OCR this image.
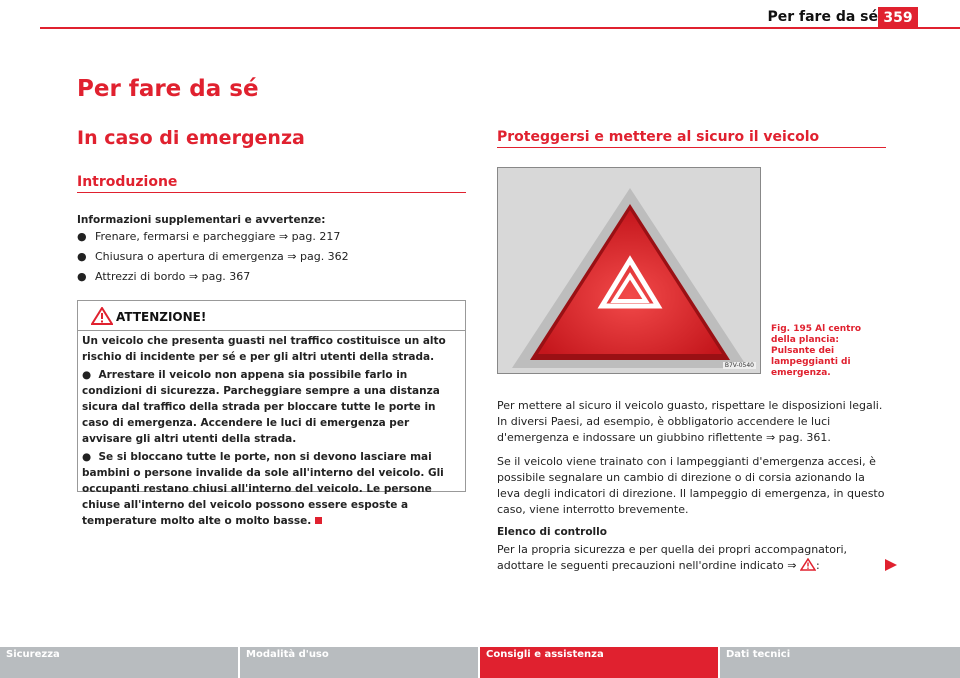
Per fare da sé 359
Per fare da sé
In caso di emergenza
Introduzione
Informazioni supplementari e avvertenze:
● Frenare, fermarsi e parcheggiare ⇒ pag. 217
● Chiusura o apertura di emergenza ⇒ pag. 362
● Attrezzi di bordo ⇒ pag. 367
ATTENZIONE!

Un veicolo che presenta guasti nel traffico costituisce un alto rischio di incidente per sé e per gli altri utenti della strada.

●  Arrestare il veicolo non appena sia possibile farlo in condizioni di sicurezza. Parcheggiare sempre a una distanza sicura dal traffico della strada per bloccare tutte le porte in caso di emergenza. Accendere le luci di emergenza per avvisare gli altri utenti della strada.

●  Se si bloccano tutte le porte, non si devono lasciare mai bambini o persone invalide da sole all'interno del veicolo. Gli occupanti restano chiusi all'interno del veicolo. Le persone chiuse all'interno del veicolo possono essere esposte a temperature molto alte o molto basse.

Proteggersi e mettere al sicuro il veicolo
B7V-0540
Fig. 195 Al centro della plancia: Pulsante dei lampeggianti di emergenza.
Per mettere al sicuro il veicolo guasto, rispettare le disposizioni legali. In diversi Paesi, ad esempio, è obbligatorio accendere le luci d'emergenza e indossare un giubbino riflettente ⇒ pag. 361.
Se il veicolo viene trainato con i lampeggianti d'emergenza accesi, è possibile segnalare un cambio di direzione o di corsia azionando la leva degli indicatori di direzione. Il lampeggio di emergenza, in questo caso, viene interrotto brevemente.
Elenco di controllo
Per la propria sicurezza e per quella dei propri accompagnatori, adottare le seguenti precauzioni nell'ordine indicato ⇒ :
Sicurezza	Modalità d'uso	Consigli e assistenza	Dati tecnici
